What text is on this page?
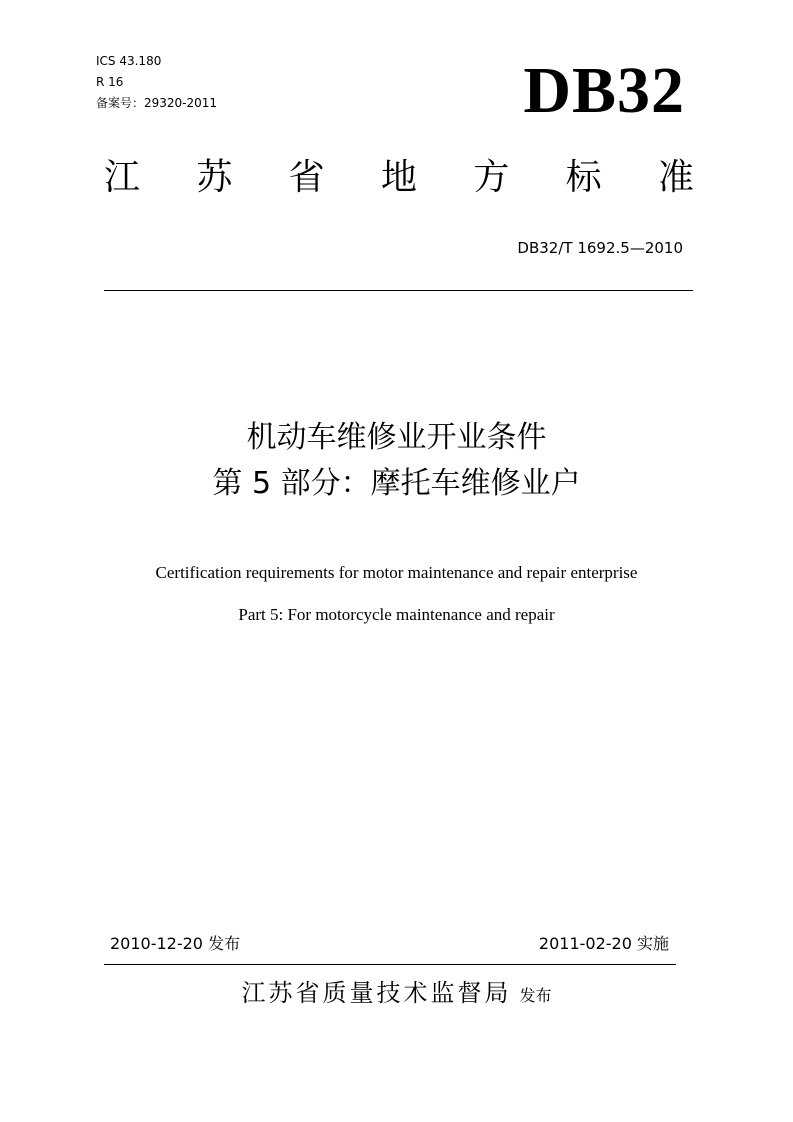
ICS 43.180
R 16
备案号：29320-2011	DB32
江 苏 省 地 方 标 准
DB32/T 1692.5—2010
机动车维修业开业条件
第 5 部分：摩托车维修业户
Certification requirements for motor maintenance and repair enterprise
Part 5: For motorcycle maintenance and repair
2010-12-20 发布	2011-02-20 实施
江苏省质量技术监督局 发布
